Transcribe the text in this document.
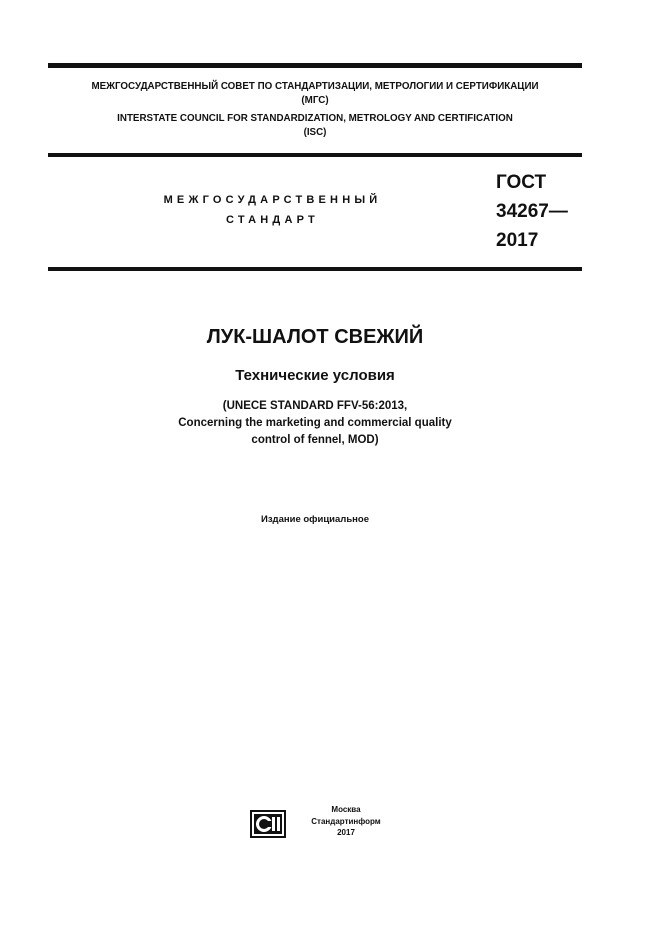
МЕЖГОСУДАРСТВЕННЫЙ СОВЕТ ПО СТАНДАРТИЗАЦИИ, МЕТРОЛОГИИ И СЕРТИФИКАЦИИ
(МГС)
INTERSTATE COUNCIL FOR STANDARDIZATION, METROLOGY AND CERTIFICATION
(ISC)
МЕЖГОСУДАРСТВЕННЫЙ
СТАНДАРТ
ГОСТ
34267—
2017
ЛУК-ШАЛОТ СВЕЖИЙ
Технические условия
(UNECE STANDARD FFV-56:2013,
Concerning the marketing and commercial quality
control of fennel, MOD)
Издание официальное
Москва
Стандартинформ
2017
